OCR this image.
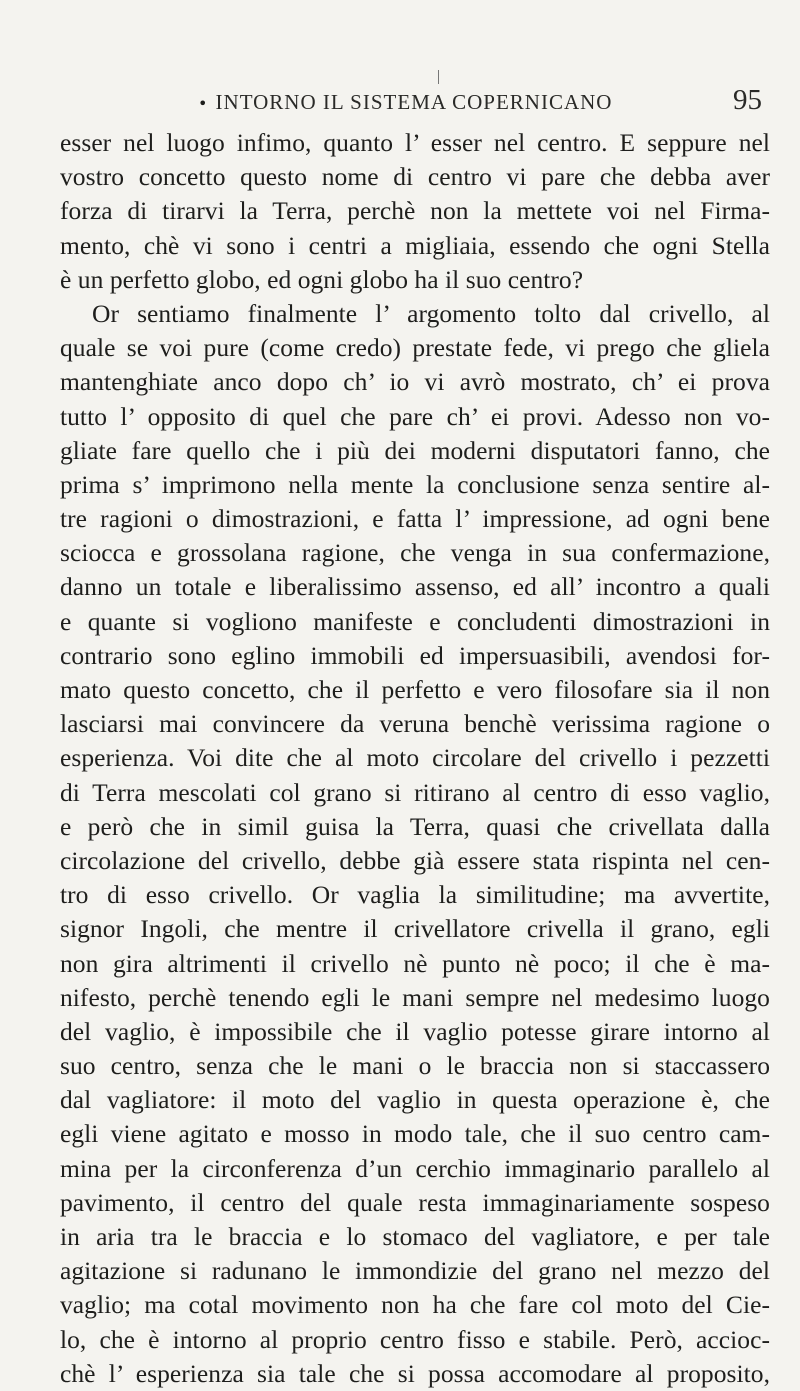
• INTORNO IL SISTEMA COPERNICANO	95
esser nel luogo infimo, quanto l’ esser nel centro. E seppure nel
vostro concetto questo nome di centro vi pare che debba aver
forza di tirarvi la Terra, perchè non la mettete voi nel Firma-
mento, chè vi sono i centri a migliaia, essendo che ogni Stella
è un perfetto globo, ed ogni globo ha il suo centro?
Or sentiamo finalmente l’ argomento tolto dal crivello, al
quale se voi pure (come credo) prestate fede, vi prego che gliela
mantenghiate anco dopo ch’ io vi avrò mostrato, ch’ ei prova
tutto l’ opposito di quel che pare ch’ ei provi. Adesso non vo-
gliate fare quello che i più dei moderni disputatori fanno, che
prima s’ imprimono nella mente la conclusione senza sentire al-
tre ragioni o dimostrazioni, e fatta l’ impressione, ad ogni bene
sciocca e grossolana ragione, che venga in sua confermazione,
danno un totale e liberalissimo assenso, ed all’ incontro a quali
e quante si vogliono manifeste e concludenti dimostrazioni in
contrario sono eglino immobili ed impersuasibili, avendosi for-
mato questo concetto, che il perfetto e vero filosofare sia il non
lasciarsi mai convincere da veruna benchè verissima ragione o
esperienza. Voi dite che al moto circolare del crivello i pezzetti
di Terra mescolati col grano si ritirano al centro di esso vaglio,
e però che in simil guisa la Terra, quasi che crivellata dalla
circolazione del crivello, debbe già essere stata rispinta nel cen-
tro di esso crivello. Or vaglia la similitudine; ma avvertite,
signor Ingoli, che mentre il crivellatore crivella il grano, egli
non gira altrimenti il crivello nè punto nè poco; il che è ma-
nifesto, perchè tenendo egli le mani sempre nel medesimo luogo
del vaglio, è impossibile che il vaglio potesse girare intorno al
suo centro, senza che le mani o le braccia non si staccassero
dal vagliatore: il moto del vaglio in questa operazione è, che
egli viene agitato e mosso in modo tale, che il suo centro cam-
mina per la circonferenza d’un cerchio immaginario parallelo al
pavimento, il centro del quale resta immaginariamente sospeso
in aria tra le braccia e lo stomaco del vagliatore, e per tale
agitazione si radunano le immondizie del grano nel mezzo del
vaglio; ma cotal movimento non ha che fare col moto del Cie-
lo, che è intorno al proprio centro fisso e stabile. Però, accioc-
chè l’ esperienza sia tale che si possa accomodare al proposito,
